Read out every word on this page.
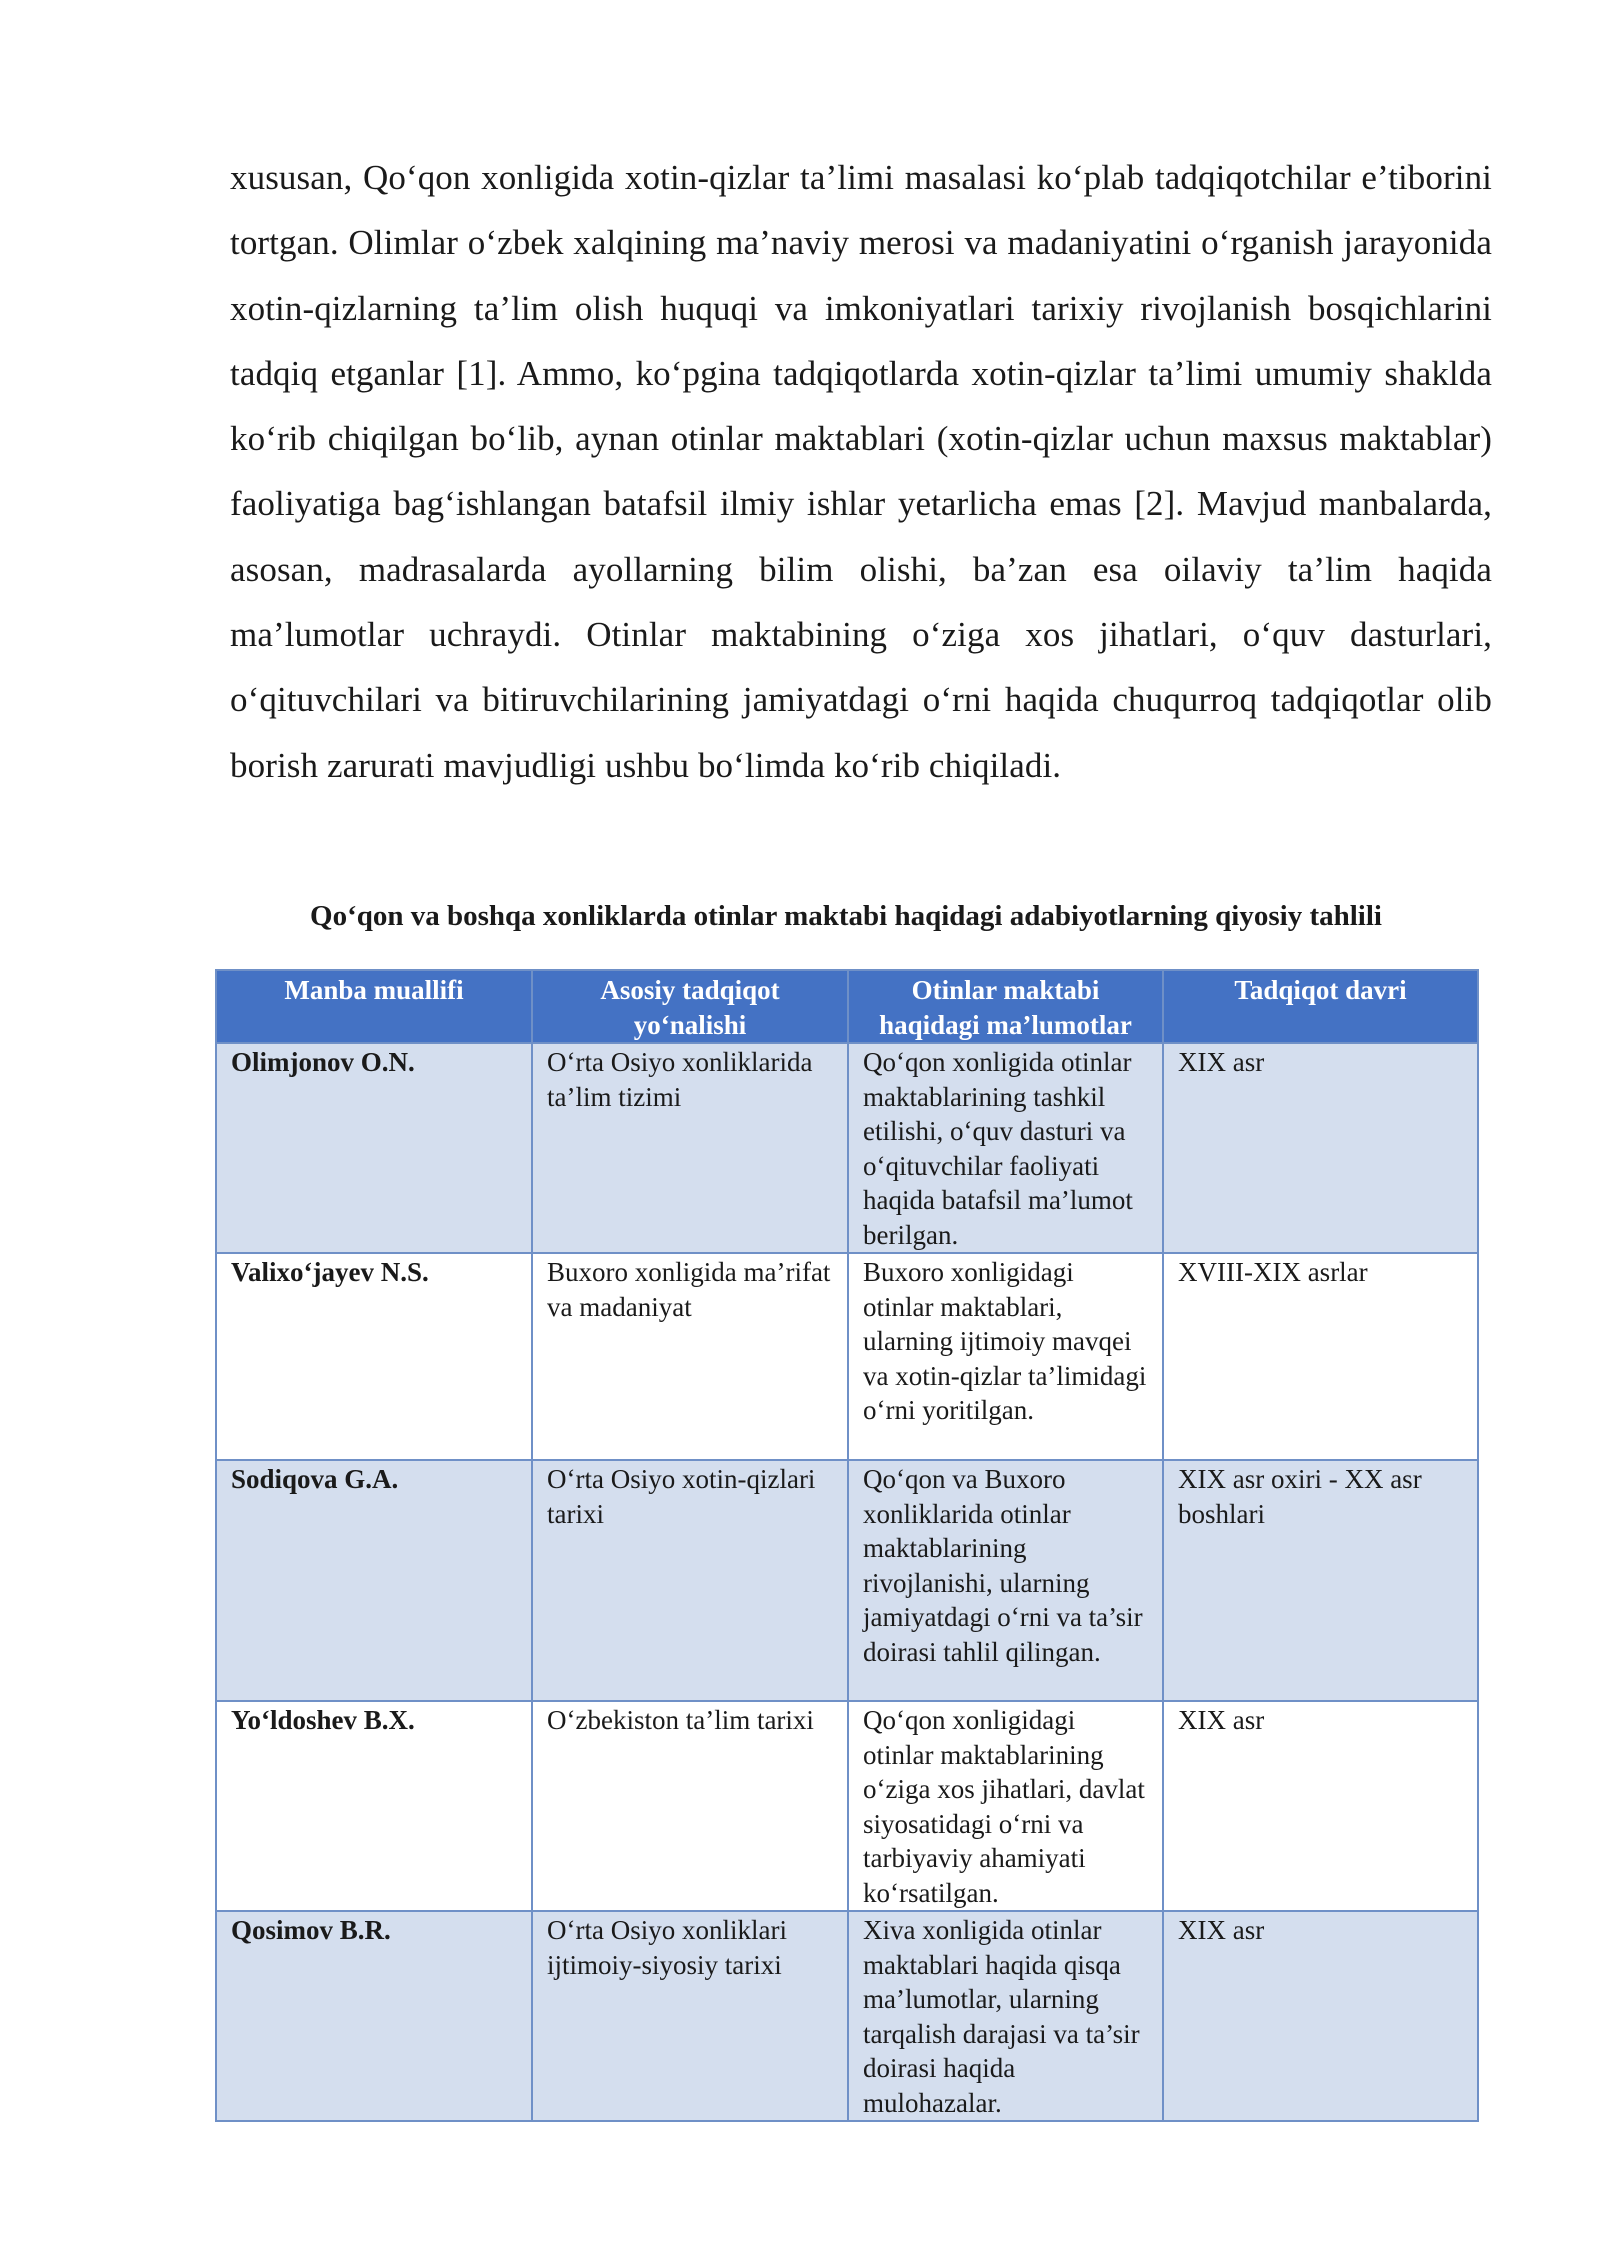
xususan, Qo‘qon xonligida xotin-qizlar ta’limi masalasi ko‘plab tadqiqotchilar e’tiborini tortgan. Olimlar o‘zbek xalqining ma’naviy merosi va madaniyatini o‘rganish jarayonida xotin-qizlarning ta’lim olish huquqi va imkoniyatlari tarixiy rivojlanish bosqichlarini tadqiq etganlar [1]. Ammo, ko‘pgina tadqiqotlarda xotin-qizlar ta’limi umumiy shaklda ko‘rib chiqilgan bo‘lib, aynan otinlar maktablari (xotin-qizlar uchun maxsus maktablar) faoliyatiga bag‘ishlangan batafsil ilmiy ishlar yetarlicha emas [2]. Mavjud manbalarda, asosan, madrasalarda ayollarning bilim olishi, ba’zan esa oilaviy ta’lim haqida ma’lumotlar uchraydi. Otinlar maktabining o‘ziga xos jihatlari, o‘quv dasturlari, o‘qituvchilari va bitiruvchilarining jamiyatdagi o‘rni haqida chuqurroq tadqiqotlar olib borish zarurati mavjudligi ushbu bo‘limda ko‘rib chiqiladi.

Qo‘qon va boshqa xonliklarda otinlar maktabi haqidagi adabiyotlarning qiyosiy tahlili

Manba muallifi	Asosiy tadqiqot yo‘nalishi	Otinlar maktabi haqidagi ma’lumotlar	Tadqiqot davri
Olimjonov O.N.	O‘rta Osiyo xonliklarida ta’lim tizimi	Qo‘qon xonligida otinlar maktablarining tashkil etilishi, o‘quv dasturi va o‘qituvchilar faoliyati haqida batafsil ma’lumot berilgan.	XIX asr
Valixo‘jayev N.S.	Buxoro xonligida ma’rifat va madaniyat	Buxoro xonligidagi otinlar maktablari, ularning ijtimoiy mavqei va xotin-qizlar ta’limidagi o‘rni yoritilgan.	XVIII-XIX asrlar
Sodiqova G.A.	O‘rta Osiyo xotin-qizlari tarixi	Qo‘qon va Buxoro xonliklarida otinlar maktablarining rivojlanishi, ularning jamiyatdagi o‘rni va ta’sir doirasi tahlil qilingan.	XIX asr oxiri - XX asr boshlari
Yo‘ldoshev B.X.	O‘zbekiston ta’lim tarixi	Qo‘qon xonligidagi otinlar maktablarining o‘ziga xos jihatlari, davlat siyosatidagi o‘rni va tarbiyaviy ahamiyati ko‘rsatilgan.	XIX asr
Qosimov B.R.	O‘rta Osiyo xonliklari ijtimoiy-siyosiy tarixi	Xiva xonligida otinlar maktablari haqida qisqa ma’lumotlar, ularning tarqalish darajasi va ta’sir doirasi haqida mulohazalar.	XIX asr
